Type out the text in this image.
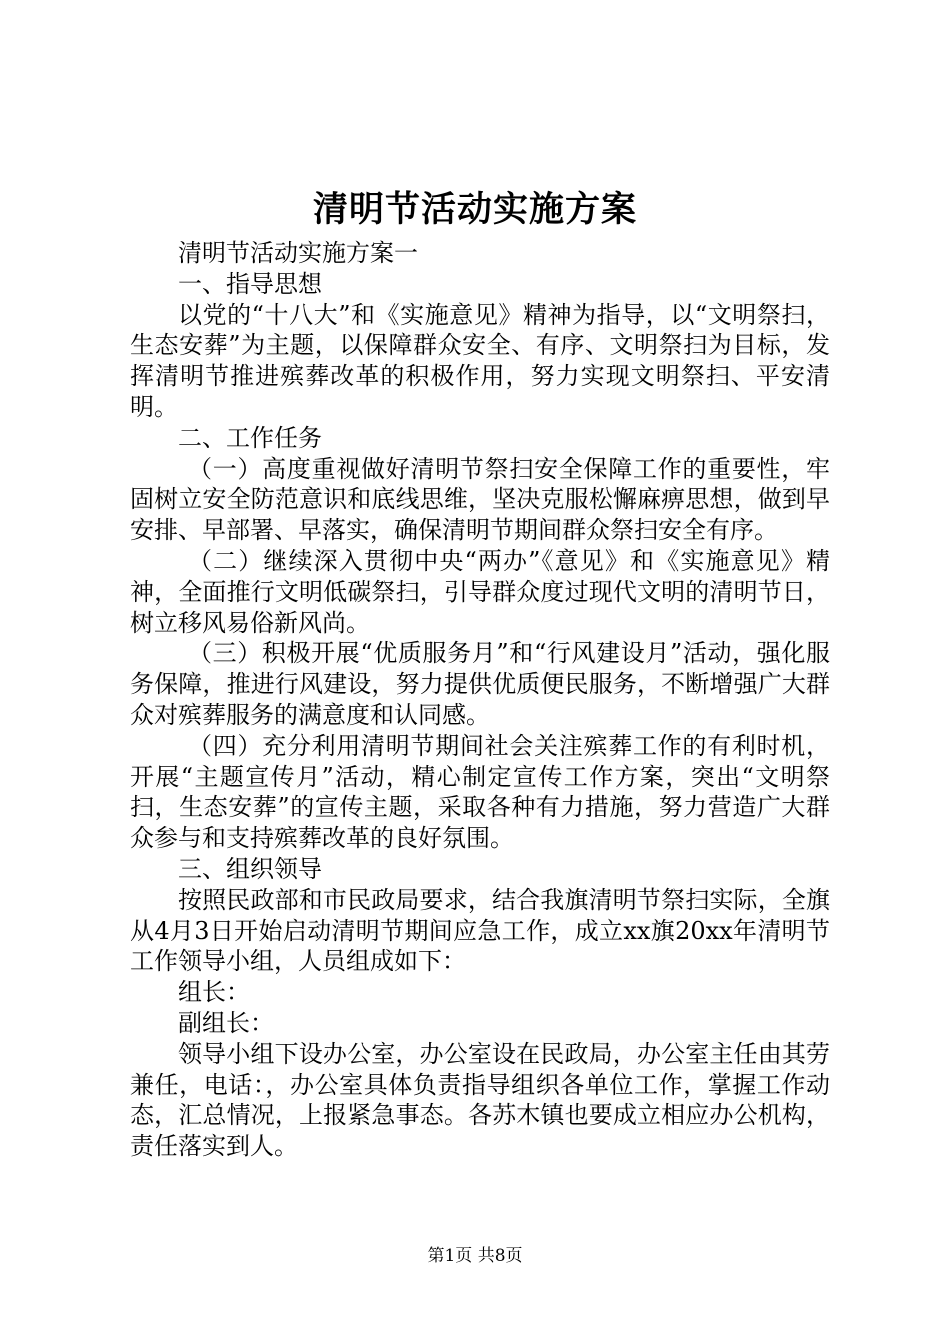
清明节活动实施方案

清明节活动实施方案一

一、指导思想

以党的“十八大”和《实施意见》精神为指导，以“文明祭扫，生态安葬”为主题，以保障群众安全、有序、文明祭扫为目标，发挥清明节推进殡葬改革的积极作用，努力实现文明祭扫、平安清明。

二、工作任务

（一）高度重视做好清明节祭扫安全保障工作的重要性，牢固树立安全防范意识和底线思维，坚决克服松懈麻痹思想，做到早安排、早部署、早落实，确保清明节期间群众祭扫安全有序。

（二）继续深入贯彻中央“两办”《意见》和《实施意见》精神，全面推行文明低碳祭扫，引导群众度过现代文明的清明节日，树立移风易俗新风尚。

（三）积极开展“优质服务月”和“行风建设月”活动，强化服务保障，推进行风建设，努力提供优质便民服务，不断增强广大群众对殡葬服务的满意度和认同感。

（四）充分利用清明节期间社会关注殡葬工作的有利时机，开展“主题宣传月”活动，精心制定宣传工作方案，突出“文明祭扫，生态安葬”的宣传主题，采取各种有力措施，努力营造广大群众参与和支持殡葬改革的良好氛围。

三、组织领导

按照民政部和市民政局要求，结合我旗清明节祭扫实际，全旗从4月3日开始启动清明节期间应急工作，成立xx旗20xx年清明节工作领导小组，人员组成如下：

组长：

副组长：

领导小组下设办公室，办公室设在民政局，办公室主任由其劳兼任，电话：，办公室具体负责指导组织各单位工作，掌握工作动态，汇总情况，上报紧急事态。各苏木镇也要成立相应办公机构，责任落实到人。

第1页 共8页
